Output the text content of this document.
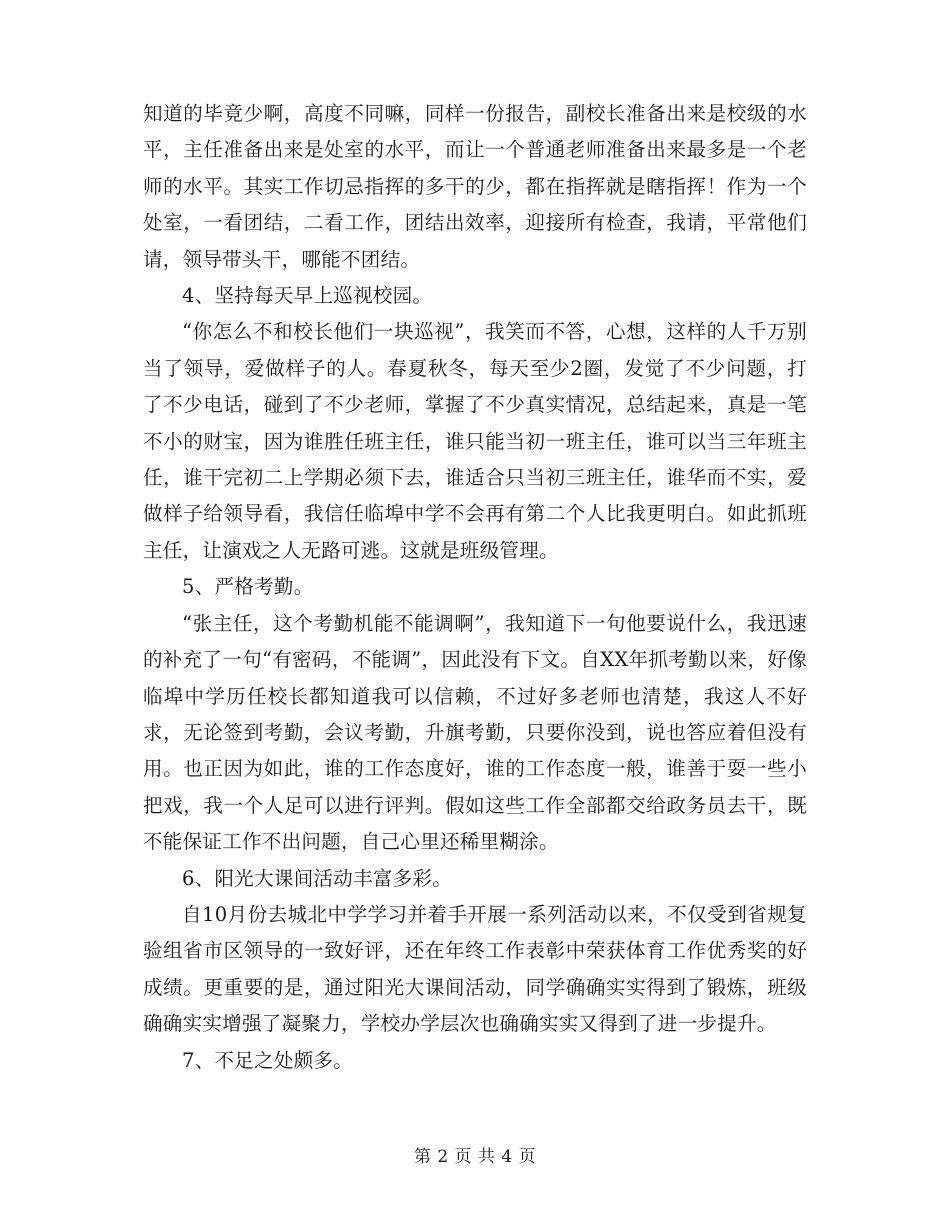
知道的毕竟少啊，高度不同嘛，同样一份报告，副校长准备出来是校级的水平，主任准备出来是处室的水平，而让一个普通老师准备出来最多是一个老师的水平。其实工作切忌指挥的多干的少，都在指挥就是瞎指挥！作为一个处室，一看团结，二看工作，团结出效率，迎接所有检查，我请，平常他们请，领导带头干，哪能不团结。

4、坚持每天早上巡视校园。

“你怎么不和校长他们一块巡视”，我笑而不答，心想，这样的人千万别当了领导，爱做样子的人。春夏秋冬，每天至少2圈，发觉了不少问题，打了不少电话，碰到了不少老师，掌握了不少真实情况，总结起来，真是一笔不小的财宝，因为谁胜任班主任，谁只能当初一班主任，谁可以当三年班主任，谁干完初二上学期必须下去，谁适合只当初三班主任，谁华而不实，爱做样子给领导看，我信任临埠中学不会再有第二个人比我更明白。如此抓班主任，让演戏之人无路可逃。这就是班级管理。

5、严格考勤。

“张主任，这个考勤机能不能调啊”，我知道下一句他要说什么，我迅速的补充了一句“有密码，不能调”，因此没有下文。自XX年抓考勤以来，好像临埠中学历任校长都知道我可以信赖，不过好多老师也清楚，我这人不好求，无论签到考勤，会议考勤，升旗考勤，只要你没到，说也答应着但没有用。也正因为如此，谁的工作态度好，谁的工作态度一般，谁善于耍一些小把戏，我一个人足可以进行评判。假如这些工作全部都交给政务员去干，既不能保证工作不出问题，自己心里还稀里糊涂。

6、阳光大课间活动丰富多彩。

自10月份去城北中学学习并着手开展一系列活动以来，不仅受到省规复验组省市区领导的一致好评，还在年终工作表彰中荣获体育工作优秀奖的好成绩。更重要的是，通过阳光大课间活动，同学确确实实得到了锻炼，班级确确实实增强了凝聚力，学校办学层次也确确实实又得到了进一步提升。

7、不足之处颇多。

第 2 页 共 4 页
